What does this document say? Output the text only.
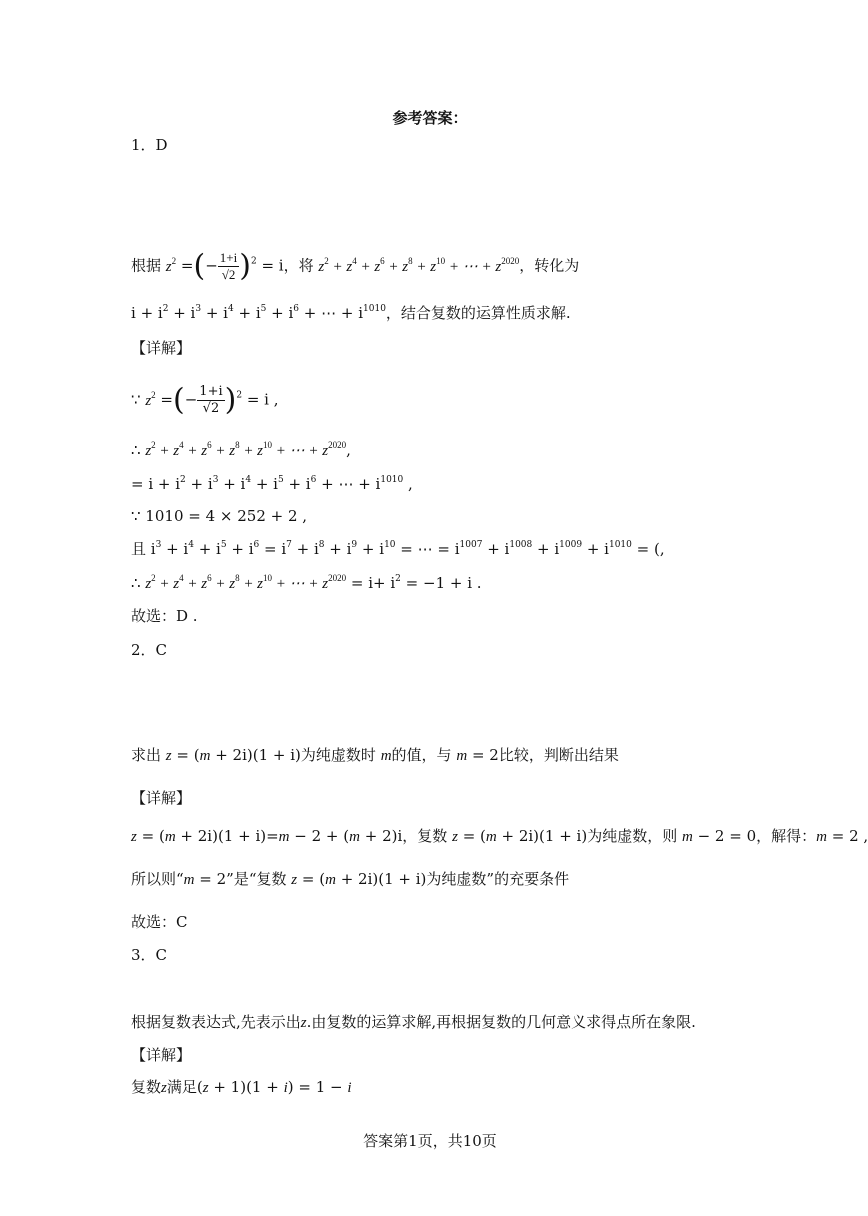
参考答案：
1．D
根据 $z^2$ =(− $\frac{1+i}{√2} )^2 = i$，将 $z^2 + z^4 + z^6 + z^8 + z^{10}$ + ⋯ + $z^{2020}$，转化为
$i + i^2 + i^3 + i^4 + i^5 + i^6$ + ⋯ + $i^{1010}$，结合复数的运算性质求解.
【详解】
∵ $z^2$ =(− $\frac{1+i}{√2} )^2 = i$ ,
∴ $z^2 + z^4 + z^6 + z^8 + z^{10}$ + ⋯ + $z^{2020}$,
= $i + i^2 + i^3 + i^4 + i^5 + i^6$ + ⋯ + $i^{1010}$ ,
∵ 1010 = 4 × 252 + 2 ,
且 $i^3 + i^4 + i^5 + i^6 = i^7 + i^8 + i^9 + i^{10}$ = ⋯ = $i^{1007} + i^{1008} + i^{1009} + i^{1010}$ = (,
∴ $z^2 + z^4 + z^6 + z^8 + z^{10}$ + ⋯ + $z^{2020} = i+ i^2 = -1 + i$ .
故选：D .
2．C
求出 z = (m + 2i)(1 + i)为纯虚数时 m的值，与 m = 2比较，判断出结果
【详解】
z = (m + 2i)(1 + i)=m − 2 + (m + 2)i，复数 z = (m + 2i)(1 + i)为纯虚数，则 m − 2 = 0，解得：m = 2 ,
所以则“m = 2”是“复数 z = (m + 2i)(1 + i)为纯虚数”的充要条件
故选：C
3．C
根据复数表达式,先表示出z.由复数的运算求解,再根据复数的几何意义求得点所在象限.
【详解】
复数z满足(z + 1)(1 + i) = 1 − i
答案第1页，共10页
